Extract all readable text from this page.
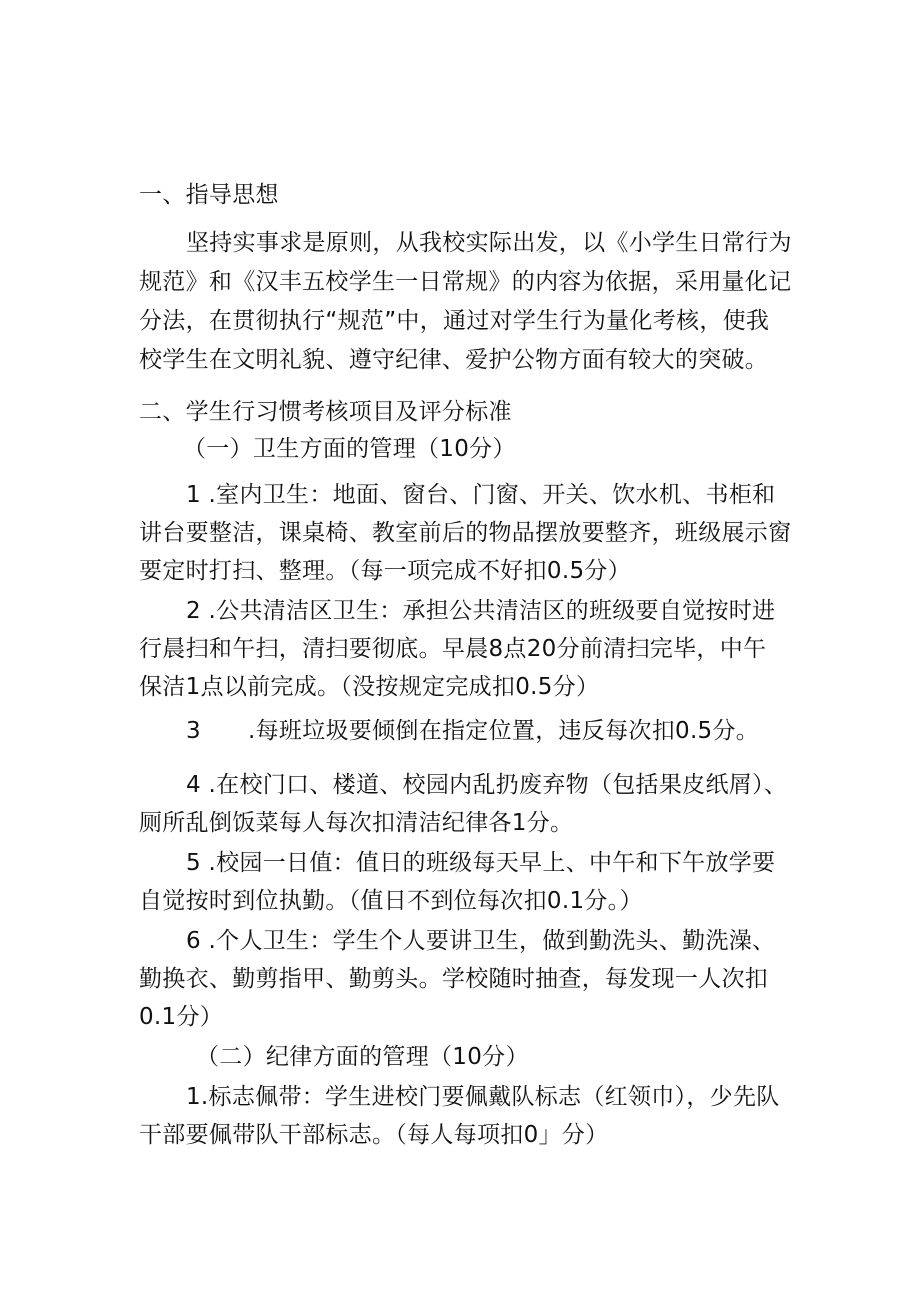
一、指导思想
坚持实事求是原则，从我校实际出发，以《小学生日常行为
规范》和《汉丰五校学生一日常规》的内容为依据，采用量化记
分法，在贯彻执行“规范”中，通过对学生行为量化考核，使我
校学生在文明礼貌、遵守纪律、爱护公物方面有较大的突破。
二、学生行习惯考核项目及评分标准
（一）卫生方面的管理（10分）
1 .室内卫生：地面、窗台、门窗、开关、饮水机、书柜和
讲台要整洁，课桌椅、教室前后的物品摆放要整齐，班级展示窗
要定时打扫、整理。（每一项完成不好扣0.5分）
2 .公共清洁区卫生：承担公共清洁区的班级要自觉按时进
行晨扫和午扫，清扫要彻底。早晨8点20分前清扫完毕，中午
保洁1点以前完成。（没按规定完成扣0.5分）
3 .每班垃圾要倾倒在指定位置，违反每次扣0.5分。
4 .在校门口、楼道、校园内乱扔废弃物（包括果皮纸屑）、
厕所乱倒饭菜每人每次扣清洁纪律各1分。
5 .校园一日值：值日的班级每天早上、中午和下午放学要
自觉按时到位执勤。（值日不到位每次扣0.1分。）
6 .个人卫生：学生个人要讲卫生，做到勤洗头、勤洗澡、
勤换衣、勤剪指甲、勤剪头。学校随时抽查，每发现一人次扣
0.1分）
（二）纪律方面的管理（10分）
1.标志佩带：学生进校门要佩戴队标志（红领巾），少先队
干部要佩带队干部标志。（每人每项扣0」分）
